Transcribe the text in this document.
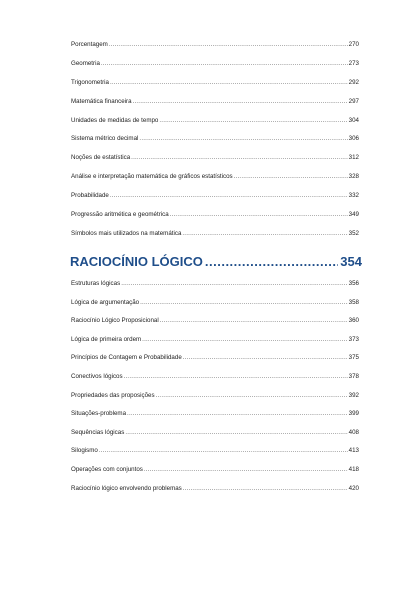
Porcentagem .....	270
Geometria .....	273
Trigonometria .....	292
Matemática financeira .....	297
Unidades de medidas de tempo .....	304
Sistema métrico decimal .....	306
Noções de estatística .....	312
Análise e interpretação matemática de gráficos estatísticos .....	328
Probabilidade .....	332
Progressão aritmética e geométrica .....	349
Símbolos mais utilizados na matemática .....	352
RACIOCÍNIO LÓGICO .....	354
Estruturas lógicas .....	356
Lógica de argumentação .....	358
Raciocínio Lógico Proposicional .....	360
Lógica de primeira ordem .....	373
Princípios de Contagem e Probabilidade .....	375
Conectivos lógicos .....	378
Propriedades das proposições .....	392
Situações-problema .....	399
Sequências lógicas .....	408
Silogismo .....	413
Operações com conjuntos .....	418
Raciocínio lógico envolvendo problemas .....	420
